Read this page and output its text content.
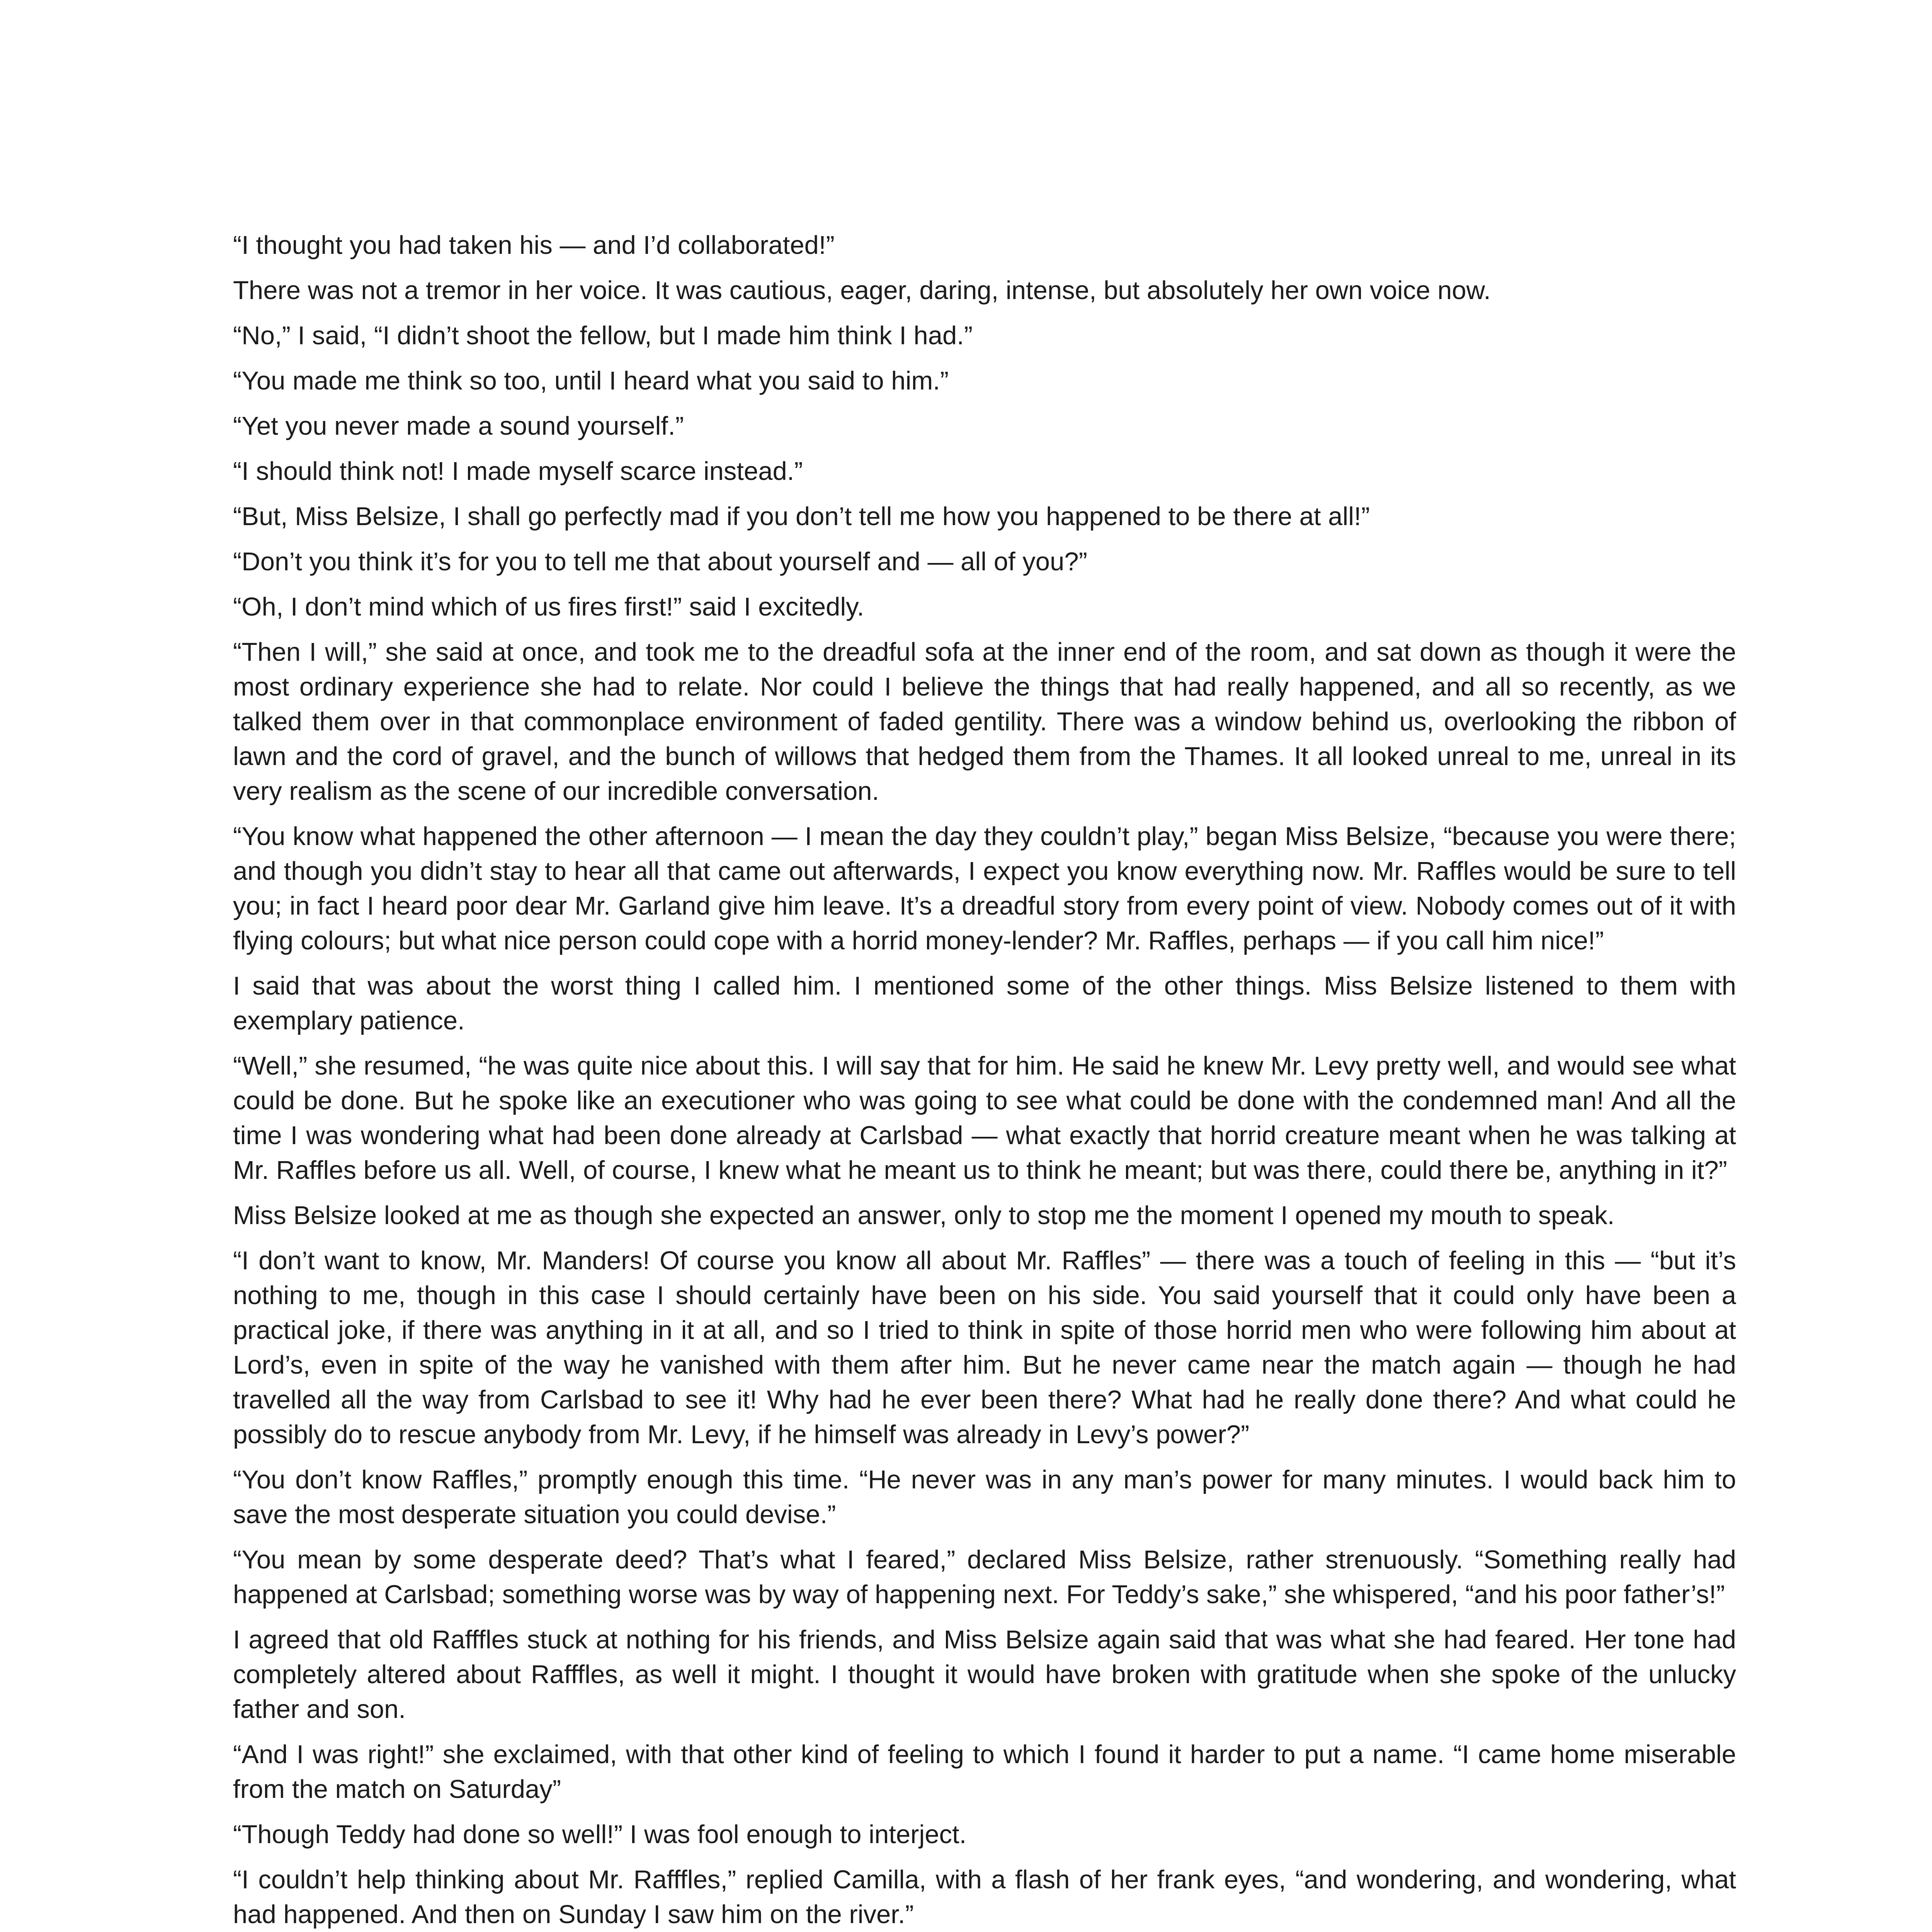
“I thought you had taken his — and I’d collaborated!”

There was not a tremor in her voice. It was cautious, eager, daring, intense, but absolutely her own voice now.

“No,” I said, “I didn’t shoot the fellow, but I made him think I had.”

“You made me think so too, until I heard what you said to him.”

“Yet you never made a sound yourself.”

“I should think not! I made myself scarce instead.”

“But, Miss Belsize, I shall go perfectly mad if you don’t tell me how you happened to be there at all!”

“Don’t you think it’s for you to tell me that about yourself and — all of you?”

“Oh, I don’t mind which of us fires first!” said I excitedly.

“Then I will,” she said at once, and took me to the dreadful sofa at the inner end of the room, and sat down as though it were the most ordinary experience she had to relate. Nor could I believe the things that had really happened, and all so recently, as we talked them over in that commonplace environment of faded gentility. There was a window behind us, overlooking the ribbon of lawn and the cord of gravel, and the bunch of willows that hedged them from the Thames. It all looked unreal to me, unreal in its very realism as the scene of our incredible conversation.

“You know what happened the other afternoon — I mean the day they couldn’t play,” began Miss Belsize, “because you were there; and though you didn’t stay to hear all that came out afterwards, I expect you know everything now. Mr. Raffles would be sure to tell you; in fact I heard poor dear Mr. Garland give him leave. It’s a dreadful story from every point of view. Nobody comes out of it with flying colours; but what nice person could cope with a horrid money-lender? Mr. Raffles, perhaps — if you call him nice!”

I said that was about the worst thing I called him. I mentioned some of the other things. Miss Belsize listened to them with exemplary patience.

“Well,” she resumed, “he was quite nice about this. I will say that for him. He said he knew Mr. Levy pretty well, and would see what could be done. But he spoke like an executioner who was going to see what could be done with the condemned man! And all the time I was wondering what had been done already at Carlsbad — what exactly that horrid creature meant when he was talking at Mr. Raffles before us all. Well, of course, I knew what he meant us to think he meant; but was there, could there be, anything in it?”

Miss Belsize looked at me as though she expected an answer, only to stop me the moment I opened my mouth to speak.

“I don’t want to know, Mr. Manders! Of course you know all about Mr. Raffles” — there was a touch of feeling in this — “but it’s nothing to me, though in this case I should certainly have been on his side. You said yourself that it could only have been a practical joke, if there was anything in it at all, and so I tried to think in spite of those horrid men who were following him about at Lord’s, even in spite of the way he vanished with them after him. But he never came near the match again — though he had travelled all the way from Carlsbad to see it! Why had he ever been there? What had he really done there? And what could he possibly do to rescue anybody from Mr. Levy, if he himself was already in Levy’s power?”

“You don’t know Raffles,” promptly enough this time. “He never was in any man’s power for many minutes. I would back him to save the most desperate situation you could devise.”

“You mean by some desperate deed? That’s what I feared,” declared Miss Belsize, rather strenuously. “Something really had happened at Carlsbad; something worse was by way of happening next. For Teddy’s sake,” she whispered, “and his poor father’s!”

I agreed that old Rafffles stuck at nothing for his friends, and Miss Belsize again said that was what she had feared. Her tone had completely altered about Rafffles, as well it might. I thought it would have broken with gratitude when she spoke of the unlucky father and son.

“And I was right!” she exclaimed, with that other kind of feeling to which I found it harder to put a name. “I came home miserable from the match on Saturday”

“Though Teddy had done so well!” I was fool enough to interject.

“I couldn’t help thinking about Mr. Rafffles,” replied Camilla, with a flash of her frank eyes, “and wondering, and wondering, what had happened. And then on Sunday I saw him on the river.”
